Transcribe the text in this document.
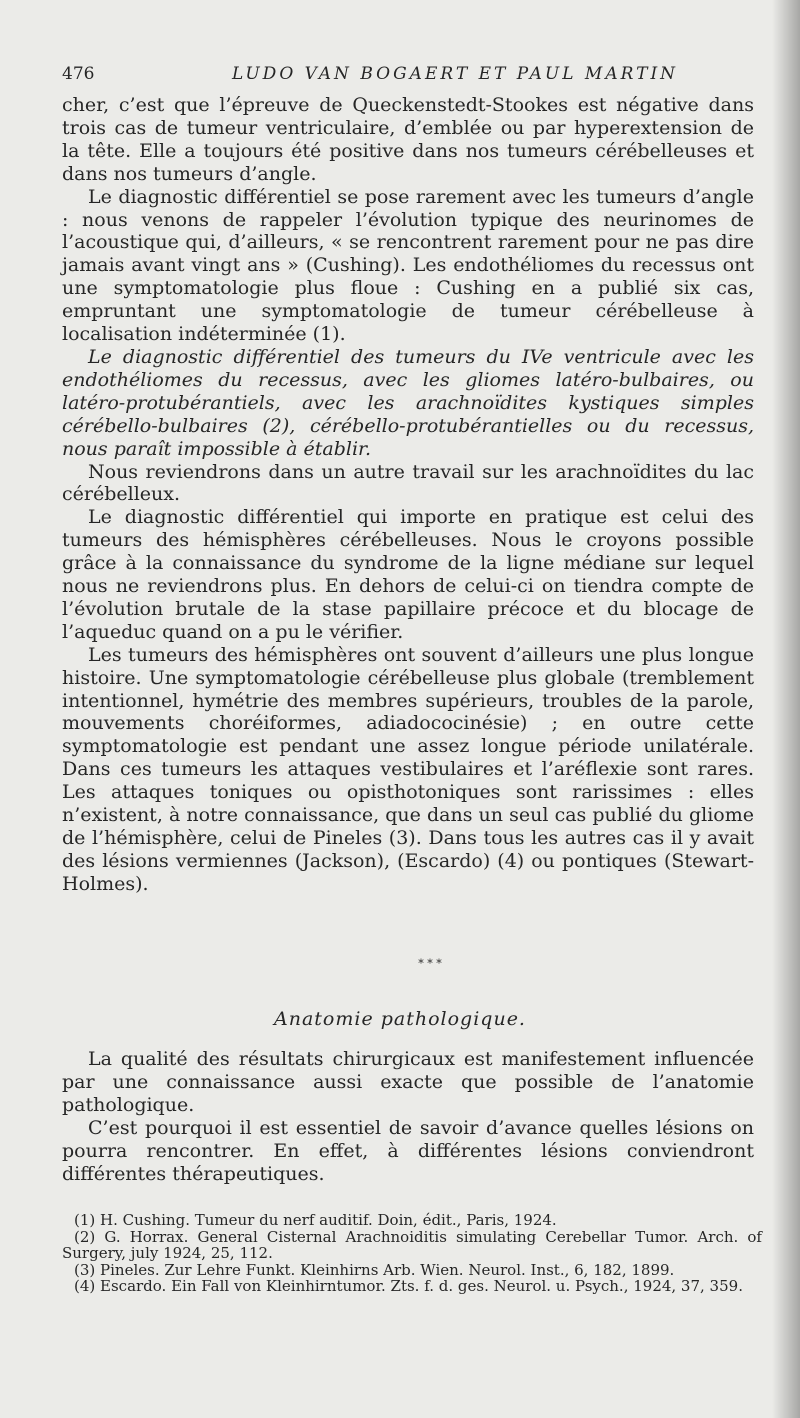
476	LUDO VAN BOGAERT ET PAUL MARTIN

cher, c’est que l’épreuve de Queckenstedt-Stookes est négative dans trois cas de tumeur ventriculaire, d’emblée ou par hyperextension de la tête. Elle a toujours été positive dans nos tumeurs cérébelleuses et dans nos tumeurs d’angle.

Le diagnostic différentiel se pose rarement avec les tumeurs d’angle : nous venons de rappeler l’évolution typique des neurinomes de l’acoustique qui, d’ailleurs, « se rencontrent rarement pour ne pas dire jamais avant vingt ans » (Cushing). Les endothéliomes du recessus ont une symptomatologie plus floue : Cushing en a publié six cas, empruntant une symptomatologie de tumeur cérébelleuse à localisation indéterminée (1).

Le diagnostic différentiel des tumeurs du IVe ventricule avec les endothéliomes du recessus, avec les gliomes latéro-bulbaires, ou latéro-protubérantiels, avec les arachnoïdites kystiques simples cérébello-bulbaires (2), cérébello-protubérantielles ou du recessus, nous paraît impossible à établir.

Nous reviendrons dans un autre travail sur les arachnoïdites du lac cérébelleux.

Le diagnostic différentiel qui importe en pratique est celui des tumeurs des hémisphères cérébelleuses. Nous le croyons possible grâce à la connaissance du syndrome de la ligne médiane sur lequel nous ne reviendrons plus. En dehors de celui-ci on tiendra compte de l’évolution brutale de la stase papillaire précoce et du blocage de l’aqueduc quand on a pu le vérifier.

Les tumeurs des hémisphères ont souvent d’ailleurs une plus longue histoire. Une symptomatologie cérébelleuse plus globale (tremblement intentionnel, hymétrie des membres supérieurs, troubles de la parole, mouvements choréiformes, adiadococinésie) ; en outre cette symptomatologie est pendant une assez longue période unilatérale. Dans ces tumeurs les attaques vestibulaires et l’aréflexie sont rares. Les attaques toniques ou opisthotoniques sont rarissimes : elles n’existent, à notre connaissance, que dans un seul cas publié du gliome de l’hémisphère, celui de Pineles (3). Dans tous les autres cas il y avait des lésions vermiennes (Jackson), (Escardo) (4) ou pontiques (Stewart-Holmes).

* * *
Anatomie pathologique.

La qualité des résultats chirurgicaux est manifestement influencée par une connaissance aussi exacte que possible de l’anatomie pathologique.

C’est pourquoi il est essentiel de savoir d’avance quelles lésions on pourra rencontrer. En effet, à différentes lésions conviendront différentes thérapeutiques.

(1) H. Cushing. Tumeur du nerf auditif. Doin, édit., Paris, 1924.

(2) G. Horrax. General Cisternal Arachnoiditis simulating Cerebellar Tumor. Arch. of Surgery, july 1924, 25, 112.

(3) Pineles. Zur Lehre Funkt. Kleinhirns Arb. Wien. Neurol. Inst., 6, 182, 1899.

(4) Escardo. Ein Fall von Kleinhirntumor. Zts. f. d. ges. Neurol. u. Psych., 1924, 37, 359.
